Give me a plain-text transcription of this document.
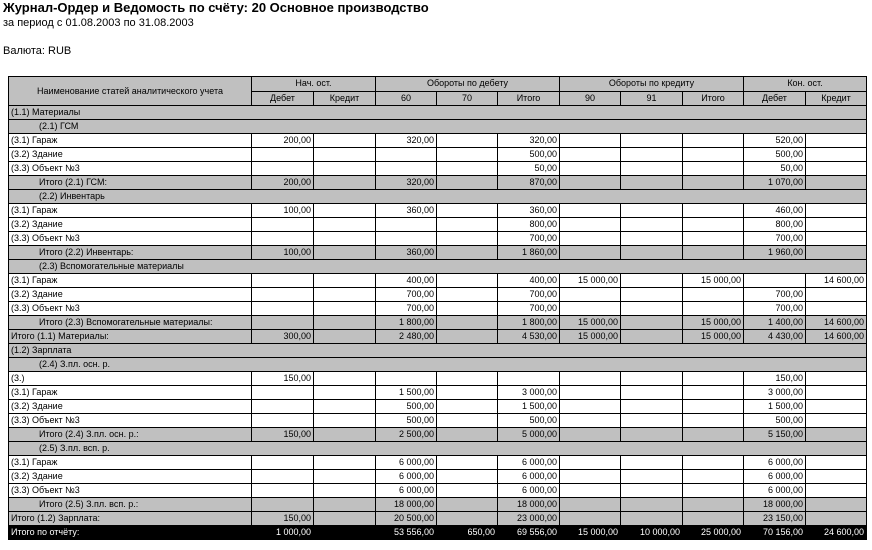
Журнал-Ордер и Ведомость по счёту: 20 Основное производство
за период с 01.08.2003 по 31.08.2003
Валюта: RUB
Наименование статей аналитического учета	Нач. ост.		Обороты по дебету			Обороты по кредиту			Кон. ост.	
	Дебет	Кредит	60	70	Итого	90	91	Итого	Дебет	Кредит
(1.1) Материалы										
(2.1) ГСМ										
(3.1) Гараж	200,00		320,00		320,00				520,00	
(3.2) Здание					500,00				500,00	
(3.3) Объект №3					50,00				50,00	
Итого (2.1) ГСМ:	200,00		320,00		870,00				1 070,00	
(2.2) Инвентарь										
(3.1) Гараж	100,00		360,00		360,00				460,00	
(3.2) Здание					800,00				800,00	
(3.3) Объект №3					700,00				700,00	
Итого (2.2) Инвентарь:	100,00		360,00		1 860,00				1 960,00	
(2.3) Вспомогательные материалы										
(3.1) Гараж			400,00		400,00	15 000,00		15 000,00		14 600,00
(3.2) Здание			700,00		700,00				700,00	
(3.3) Объект №3			700,00		700,00				700,00	
Итого (2.3) Вспомогательные материалы:			1 800,00		1 800,00	15 000,00		15 000,00	1 400,00	14 600,00
Итого (1.1) Материалы:	300,00		2 480,00		4 530,00	15 000,00		15 000,00	4 430,00	14 600,00
(1.2) Зарплата										
(2.4) З.пл. осн. р.										
(3.)	150,00								150,00	
(3.1) Гараж			1 500,00		3 000,00				3 000,00	
(3.2) Здание			500,00		1 500,00				1 500,00	
(3.3) Объект №3			500,00		500,00				500,00	
Итого (2.4) З.пл. осн. р.:	150,00		2 500,00		5 000,00				5 150,00	
(2.5) З.пл. всп. р.										
(3.1) Гараж			6 000,00		6 000,00				6 000,00	
(3.2) Здание			6 000,00		6 000,00				6 000,00	
(3.3) Объект №3			6 000,00		6 000,00				6 000,00	
Итого (2.5) З.пл. всп. р.:			18 000,00		18 000,00				18 000,00	
Итого (1.2) Зарплата:	150,00		20 500,00		23 000,00				23 150,00	
Итого по отчёту:	1 000,00		53 556,00	650,00	69 556,00	15 000,00	10 000,00	25 000,00	70 156,00	24 600,00
